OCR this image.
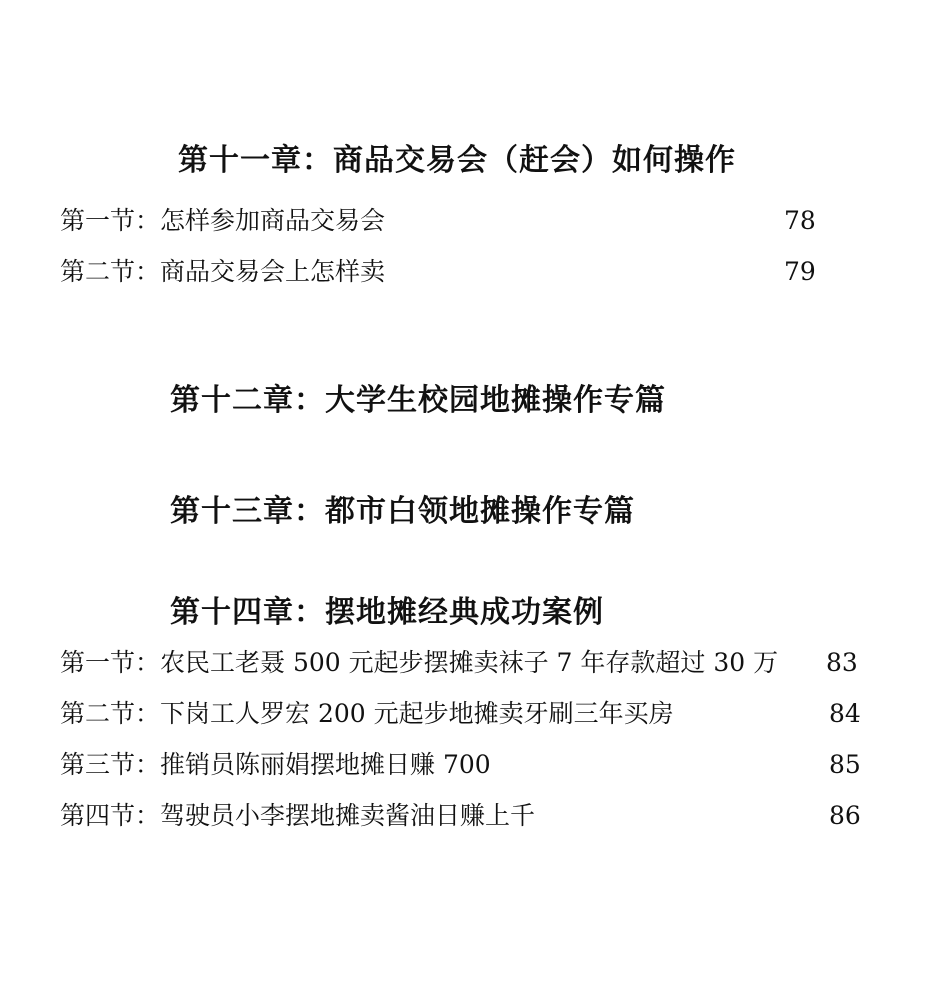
第十一章：商品交易会（赶会）如何操作
第一节：怎样参加商品交易会	78
第二节：商品交易会上怎样卖	79
第十二章：大学生校园地摊操作专篇
第十三章：都市白领地摊操作专篇
第十四章：摆地摊经典成功案例
第一节：农民工老聂 500 元起步摆摊卖袜子 7 年存款超过 30 万 83
第二节：下岗工人罗宏 200 元起步地摊卖牙刷三年买房	84
第三节：推销员陈丽娟摆地摊日赚 700	85
第四节：驾驶员小李摆地摊卖酱油日赚上千	86
